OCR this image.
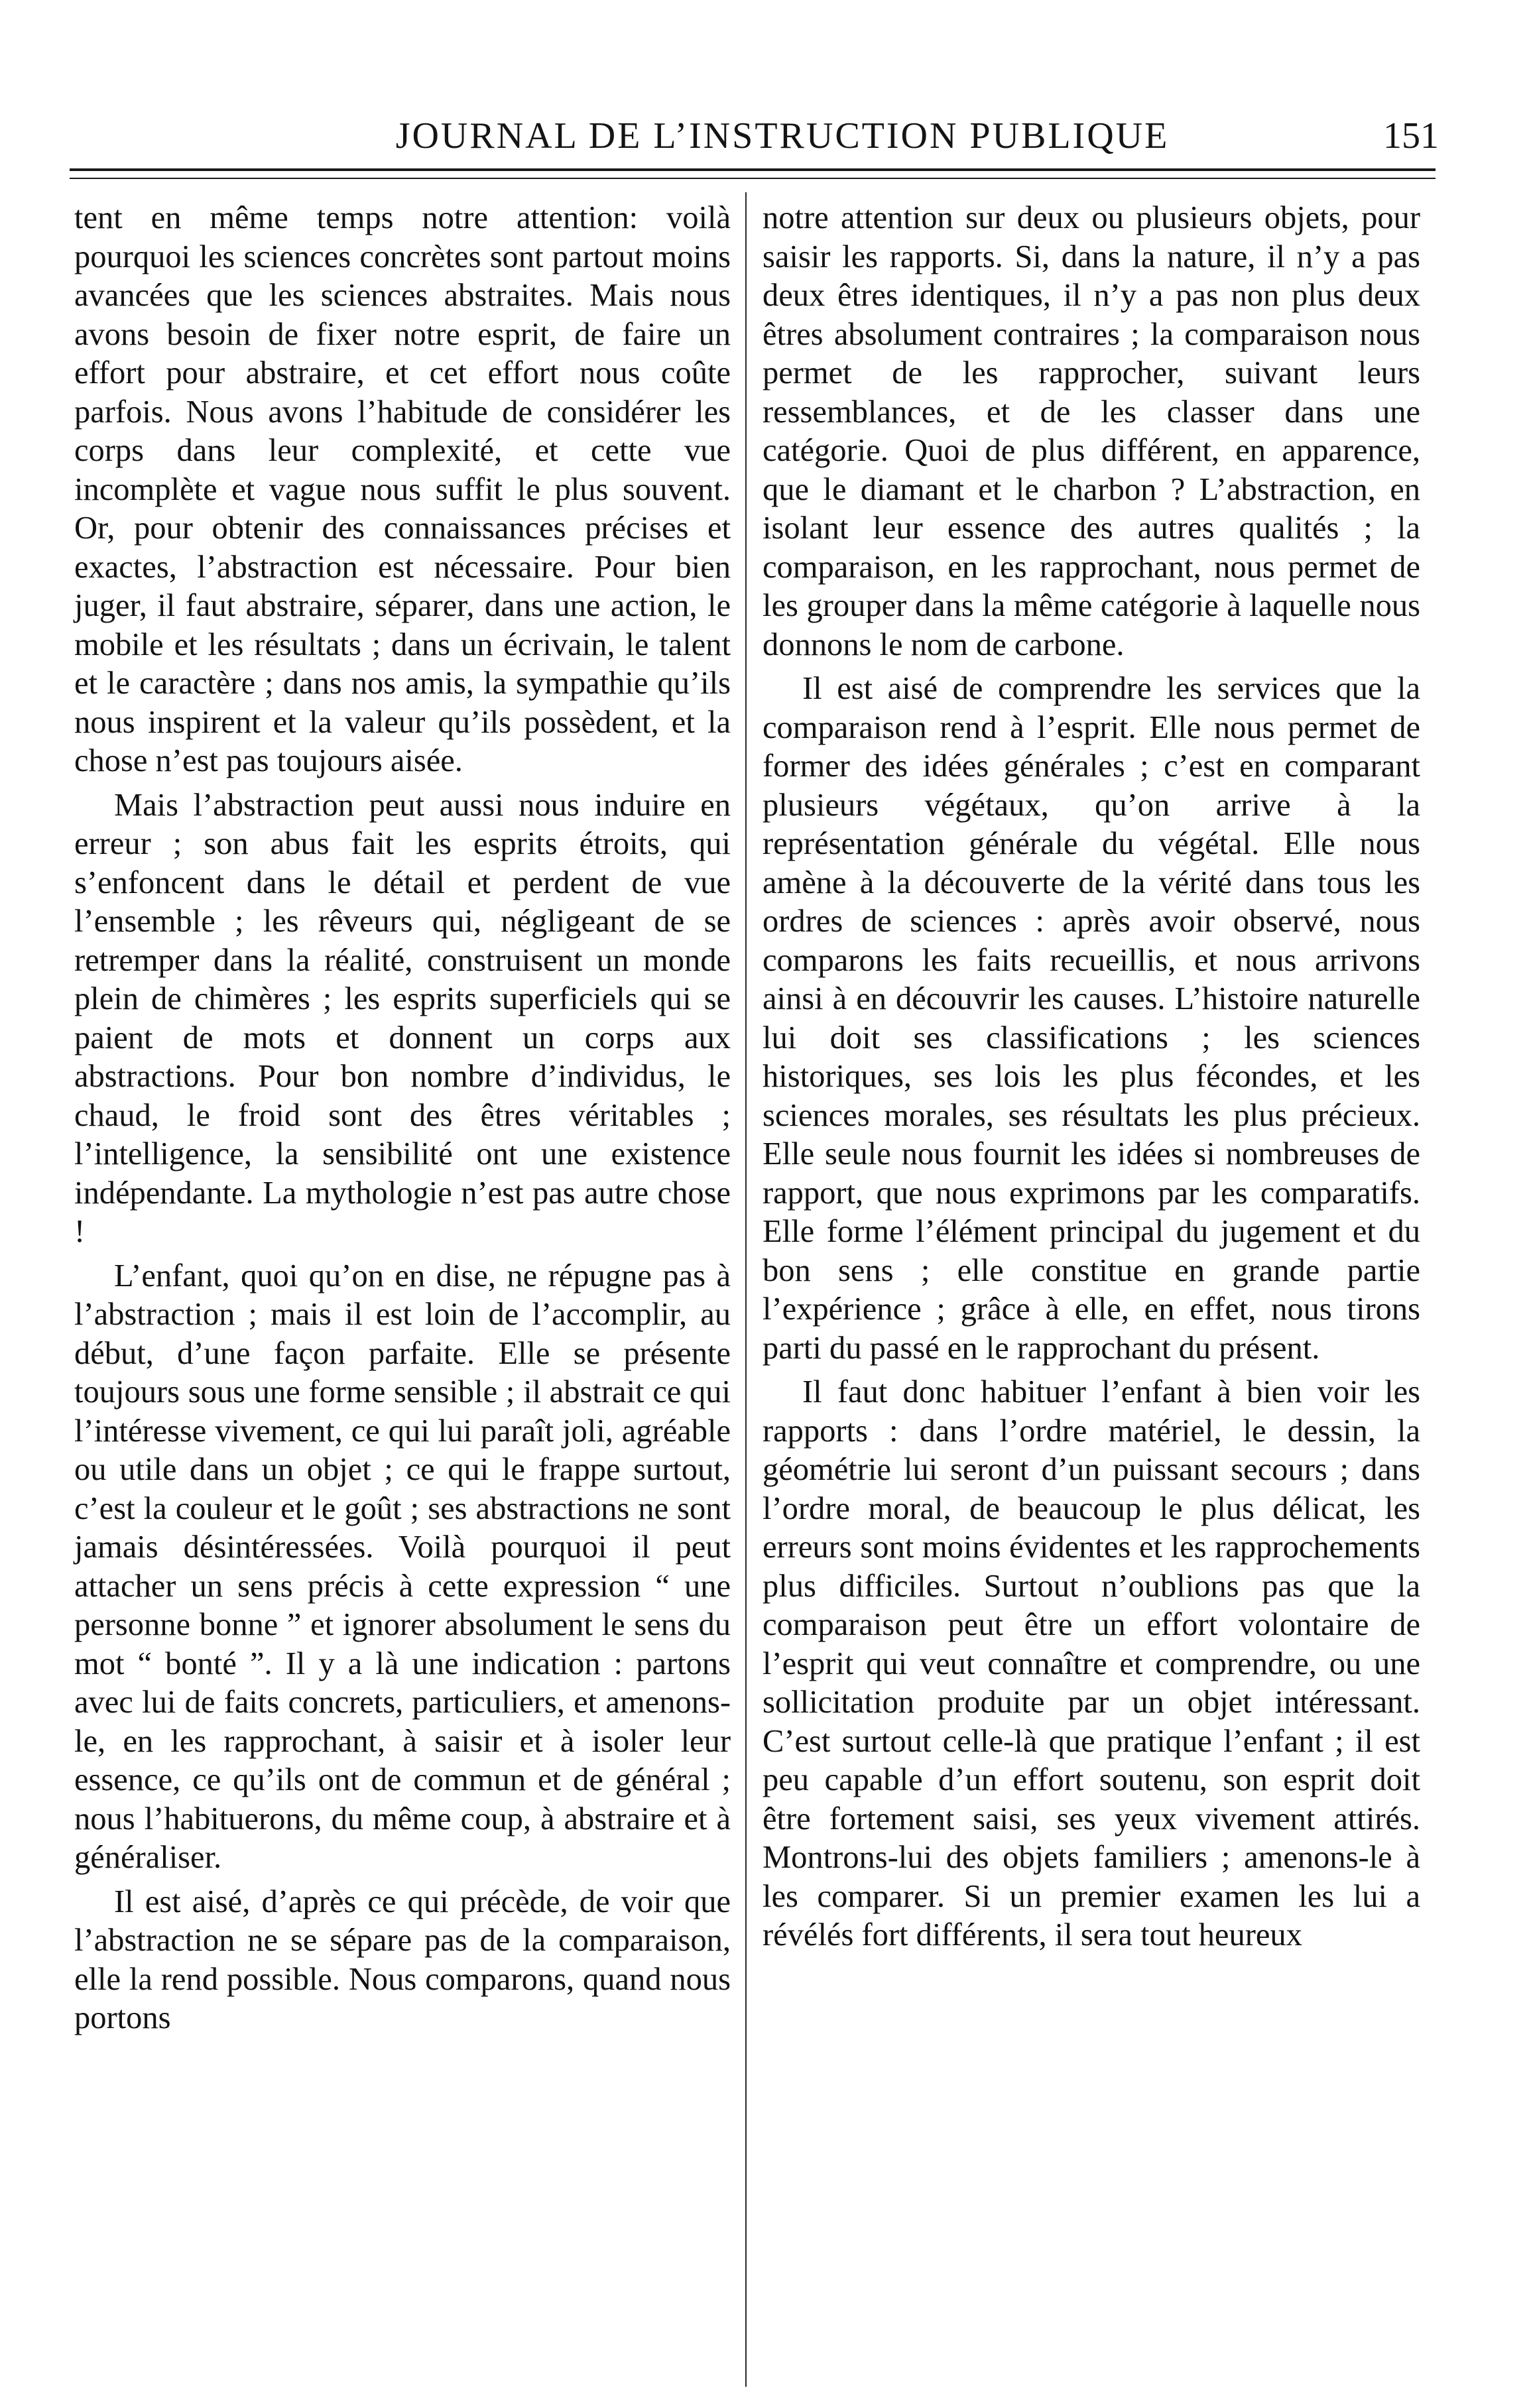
JOURNAL DE L’INSTRUCTION PUBLIQUE	151

tent en même temps notre attention: voilà pourquoi les sciences concrètes sont partout moins avancées que les sciences abstraites. Mais nous avons besoin de fixer notre esprit, de faire un effort pour abstraire, et cet effort nous coûte parfois. Nous avons l’habitude de considérer les corps dans leur complexité, et cette vue incomplète et vague nous suffit le plus souvent. Or, pour obtenir des connaissances précises et exactes, l’abstraction est nécessaire. Pour bien juger, il faut abstraire, séparer, dans une action, le mobile et les résultats ; dans un écrivain, le talent et le caractère ; dans nos amis, la sympathie qu’ils nous inspirent et la valeur qu’ils possèdent, et la chose n’est pas toujours aisée.

Mais l’abstraction peut aussi nous induire en erreur ; son abus fait les esprits étroits, qui s’enfoncent dans le détail et perdent de vue l’ensemble ; les rêveurs qui, négligeant de se retremper dans la réalité, construisent un monde plein de chimères ; les esprits superficiels qui se paient de mots et donnent un corps aux abstractions. Pour bon nombre d’individus, le chaud, le froid sont des êtres véritables ; l’intelligence, la sensibilité ont une existence indépendante. La mythologie n’est pas autre chose !

L’enfant, quoi qu’on en dise, ne répugne pas à l’abstraction ; mais il est loin de l’accomplir, au début, d’une façon parfaite. Elle se présente toujours sous une forme sensible ; il abstrait ce qui l’intéresse vivement, ce qui lui paraît joli, agréable ou utile dans un objet ; ce qui le frappe surtout, c’est la couleur et le goût ; ses abstractions ne sont jamais désintéressées. Voilà pourquoi il peut attacher un sens précis à cette expression “ une personne bonne ” et ignorer absolument le sens du mot “ bonté ”. Il y a là une indication : partons avec lui de faits concrets, particuliers, et amenons-le, en les rapprochant, à saisir et à isoler leur essence, ce qu’ils ont de commun et de général ; nous l’habituerons, du même coup, à abstraire et à généraliser.

Il est aisé, d’après ce qui précède, de voir que l’abstraction ne se sépare pas de la comparaison, elle la rend possible. Nous comparons, quand nous portons

notre attention sur deux ou plusieurs objets, pour saisir les rapports. Si, dans la nature, il n’y a pas deux êtres identiques, il n’y a pas non plus deux êtres absolument contraires ; la comparaison nous permet de les rapprocher, suivant leurs ressemblances, et de les classer dans une catégorie. Quoi de plus différent, en apparence, que le diamant et le charbon ? L’abstraction, en isolant leur essence des autres qualités ; la comparaison, en les rapprochant, nous permet de les grouper dans la même catégorie à laquelle nous donnons le nom de carbone.

Il est aisé de comprendre les services que la comparaison rend à l’esprit. Elle nous permet de former des idées générales ; c’est en comparant plusieurs végétaux, qu’on arrive à la représentation générale du végétal. Elle nous amène à la découverte de la vérité dans tous les ordres de sciences : après avoir observé, nous comparons les faits recueillis, et nous arrivons ainsi à en découvrir les causes. L’histoire naturelle lui doit ses classifications ; les sciences historiques, ses lois les plus fécondes, et les sciences morales, ses résultats les plus précieux. Elle seule nous fournit les idées si nombreuses de rapport, que nous exprimons par les comparatifs. Elle forme l’élément principal du jugement et du bon sens ; elle constitue en grande partie l’expérience ; grâce à elle, en effet, nous tirons parti du passé en le rapprochant du présent.

Il faut donc habituer l’enfant à bien voir les rapports : dans l’ordre matériel, le dessin, la géométrie lui seront d’un puissant secours ; dans l’ordre moral, de beaucoup le plus délicat, les erreurs sont moins évidentes et les rapprochements plus difficiles. Surtout n’oublions pas que la comparaison peut être un effort volontaire de l’esprit qui veut connaître et comprendre, ou une sollicitation produite par un objet intéressant. C’est surtout celle-là que pratique l’enfant ; il est peu capable d’un effort soutenu, son esprit doit être fortement saisi, ses yeux vivement attirés. Montrons-lui des objets familiers ; amenons-le à les comparer. Si un premier examen les lui a révélés fort différents, il sera tout heureux
